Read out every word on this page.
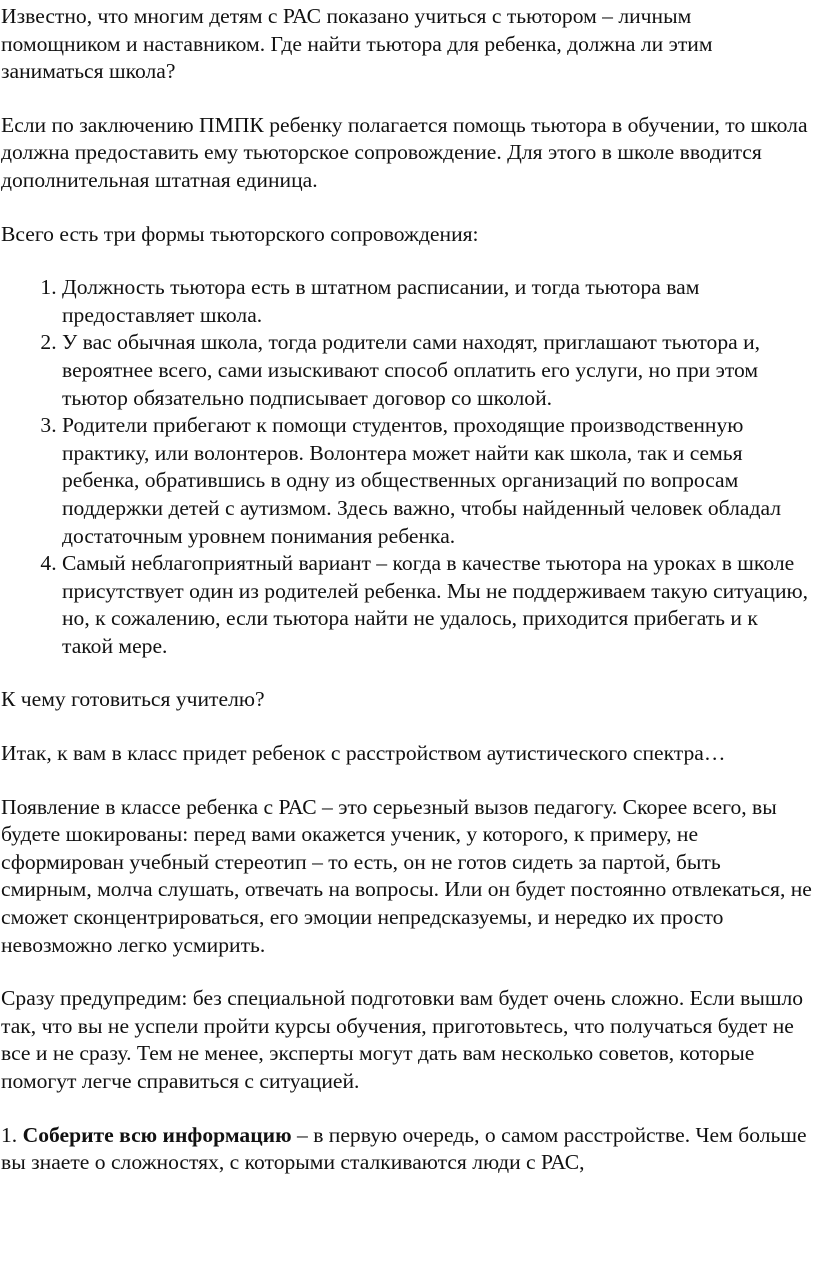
Известно, что многим детям с РАС показано учиться с тьютором – личным помощником и наставником. Где найти тьютора для ребенка, должна ли этим заниматься школа?

Если по заключению ПМПК ребенку полагается помощь тьютора в обучении, то школа должна предоставить ему тьюторское сопровождение. Для этого в школе вводится дополнительная штатная единица.

Всего есть три формы тьюторского сопровождения:

1. Должность тьютора есть в штатном расписании, и тогда тьютора вам предоставляет школа.
2. У вас обычная школа, тогда родители сами находят, приглашают тьютора и, вероятнее всего, сами изыскивают способ оплатить его услуги, но при этом тьютор обязательно подписывает договор со школой.
3. Родители прибегают к помощи студентов, проходящие производственную практику, или волонтеров. Волонтера может найти как школа, так и семья ребенка, обратившись в одну из общественных организаций по вопросам поддержки детей с аутизмом. Здесь важно, чтобы найденный человек обладал достаточным уровнем понимания ребенка.
4. Самый неблагоприятный вариант – когда в качестве тьютора на уроках в школе присутствует один из родителей ребенка. Мы не поддерживаем такую ситуацию, но, к сожалению, если тьютора найти не удалось, приходится прибегать и к такой мере.

К чему готовиться учителю?

Итак, к вам в класс придет ребенок с расстройством аутистического спектра…

Появление в классе ребенка с РАС – это серьезный вызов педагогу. Скорее всего, вы будете шокированы: перед вами окажется ученик, у которого, к примеру, не сформирован учебный стереотип – то есть, он не готов сидеть за партой, быть смирным, молча слушать, отвечать на вопросы. Или он будет постоянно отвлекаться, не сможет сконцентрироваться, его эмоции непредсказуемы, и нередко их просто невозможно легко усмирить.

Сразу предупредим: без специальной подготовки вам будет очень сложно. Если вышло так, что вы не успели пройти курсы обучения, приготовьтесь, что получаться будет не все и не сразу. Тем не менее, эксперты могут дать вам несколько советов, которые помогут легче справиться с ситуацией.

1. Соберите всю информацию – в первую очередь, о самом расстройстве. Чем больше вы знаете о сложностях, с которыми сталкиваются люди с РАС,
